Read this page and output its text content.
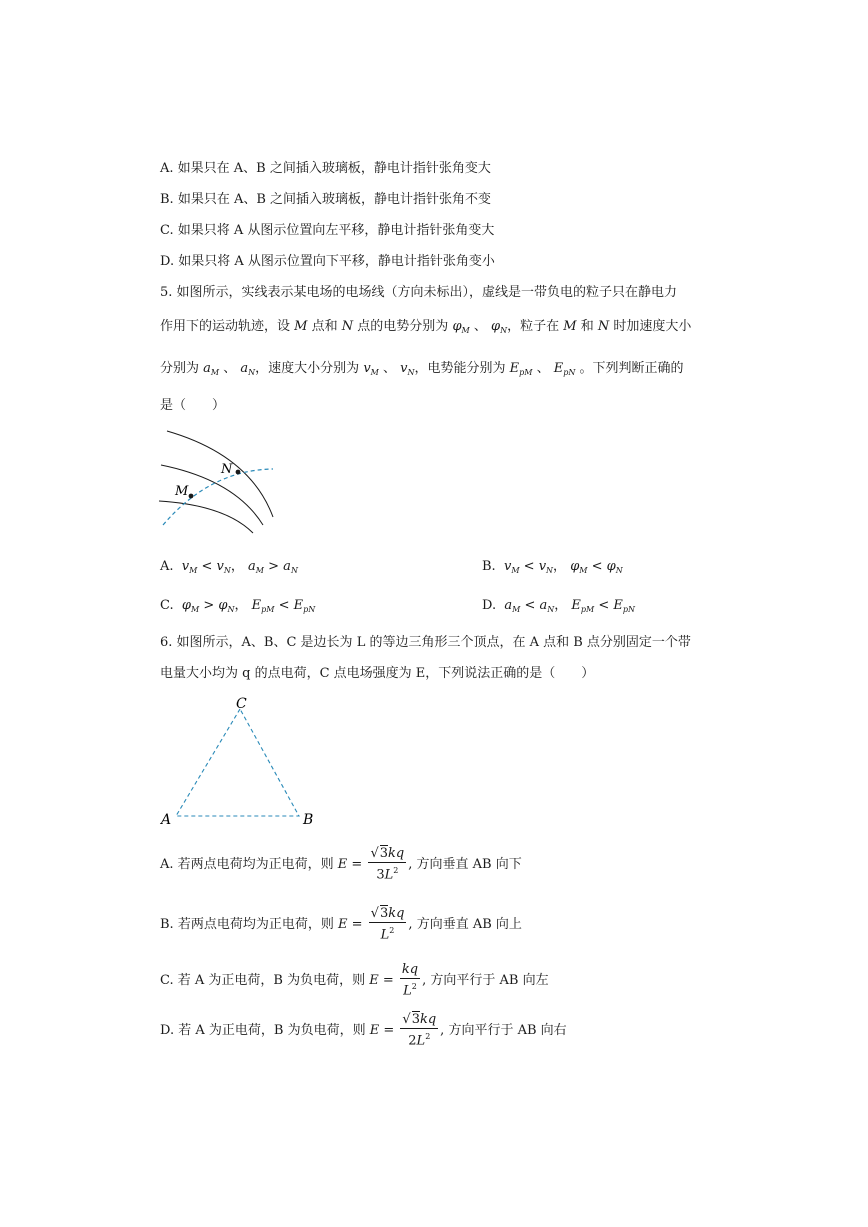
A. 如果只在 A、B 之间插入玻璃板，静电计指针张角变大
B. 如果只在 A、B 之间插入玻璃板，静电计指针张角不变
C. 如果只将 A 从图示位置向左平移，静电计指针张角变大
D. 如果只将 A 从图示位置向下平移，静电计指针张角变小
5. 如图所示，实线表示某电场的电场线（方向未标出），虚线是一带负电的粒子只在静电力
作用下的运动轨迹，设 M 点和 N 点的电势分别为 $\varphi_M$ 、 $\varphi_N$，粒子在 M 和 N 时加速度大小
分别为 $a_M$ 、 $a_N$，速度大小分别为 $v_M$ 、 $v_N$，电势能分别为 $E_{pM}$ 、 $E_{pN}$ 。下列判断正确的
是（　　）
M
N
A. $v_M < v_N$， $a_M > a_N$	B. $v_M < v_N$， $\varphi_M < \varphi_N$
C. $\varphi_M > \varphi_N$， $E_{pM} < E_{pN}$	D. $a_M < a_N$， $E_{pM} < E_{pN}$
6. 如图所示，A、B、C 是边长为 L 的等边三角形三个顶点，在 A 点和 B 点分别固定一个带
电量大小均为 q 的点电荷，C 点电场强度为 E，下列说法正确的是（　　）
C
A	B
A. 若两点电荷均为正电荷，则 $E = \frac{√3kq}{3L^2}$ , 方向垂直 AB 向下
B. 若两点电荷均为正电荷，则 $E = \frac{√3kq}{L^2}$ , 方向垂直 AB 向上
C. 若 A 为正电荷，B 为负电荷，则 $E = \frac{kq}{L^2}$ , 方向平行于 AB 向左
D. 若 A 为正电荷，B 为负电荷，则 $E = \frac{√3kq}{2L^2}$ , 方向平行于 AB 向右
